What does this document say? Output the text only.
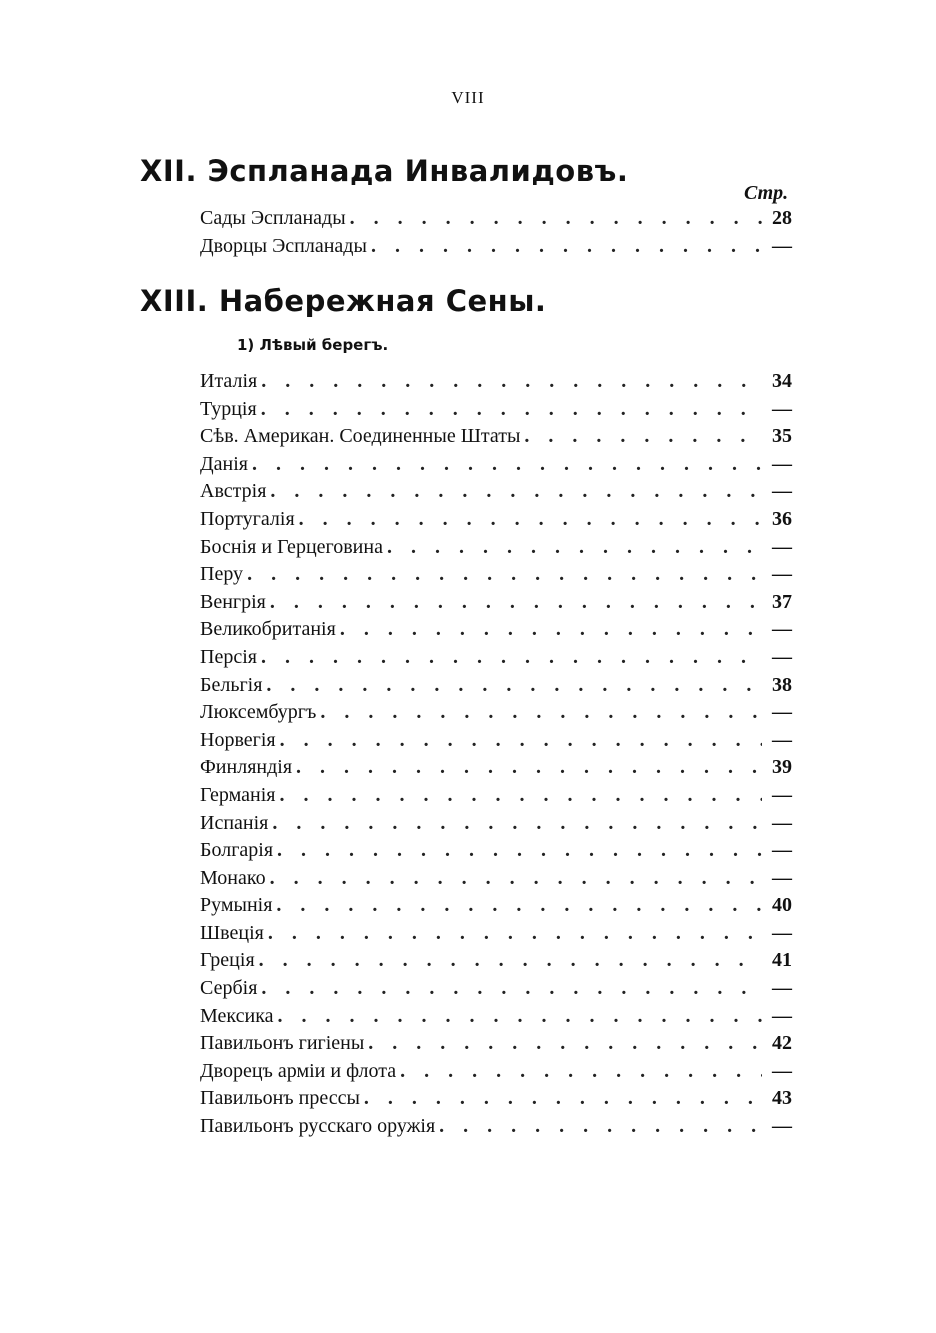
VIII
XII. Эспланада Инвалидовъ.
Стр.
Сады Эспланады . . .	28
Дворцы Эспланады . . .	—
XIII. Набережная Сены.
1) Лѣвый берегъ.
Италія . . .	34
Турція . . .	—
Сѣв. Американ. Соединенные Штаты . . .	35
Данія . . .	—
Австрія . . .	—
Португалія . . .	36
Боснія и Герцеговина . . .	—
Перу . . .	—
Венгрія . . .	37
Великобританія . . .	—
Персія . . .	—
Бельгія . . .	38
Люксембургъ . . .	—
Норвегія . . .	—
Финляндія . . .	39
Германія . . .	—
Испанія . . .	—
Болгарія . . .	—
Монако . . .	—
Румынія . . .	40
Швеція . . .	—
Греція . . .	41
Сербія . . .	—
Мексика . . .	—
Павильонъ гигіены . . .	42
Дворецъ арміи и флота . . .	—
Павильонъ прессы . . .	43
Павильонъ русскаго оружія . . .	—
